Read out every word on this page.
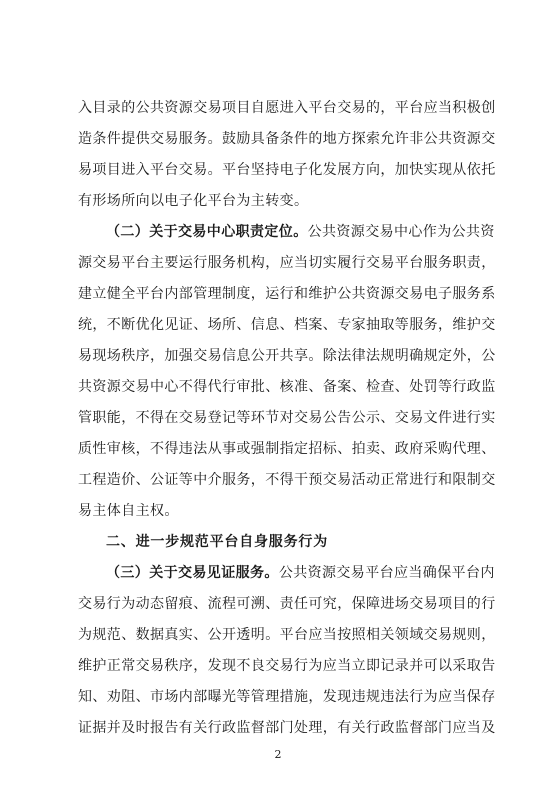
入目录的公共资源交易项目自愿进入平台交易的，平台应当积极创
造条件提供交易服务。鼓励具备条件的地方探索允许非公共资源交
易项目进入平台交易。平台坚持电子化发展方向，加快实现从依托
有形场所向以电子化平台为主转变。
（二）关于交易中心职责定位。公共资源交易中心作为公共资
源交易平台主要运行服务机构，应当切实履行交易平台服务职责，
建立健全平台内部管理制度，运行和维护公共资源交易电子服务系
统，不断优化见证、场所、信息、档案、专家抽取等服务，维护交
易现场秩序，加强交易信息公开共享。除法律法规明确规定外，公
共资源交易中心不得代行审批、核准、备案、检查、处罚等行政监
管职能，不得在交易登记等环节对交易公告公示、交易文件进行实
质性审核，不得违法从事或强制指定招标、拍卖、政府采购代理、
工程造价、公证等中介服务，不得干预交易活动正常进行和限制交
易主体自主权。
二、进一步规范平台自身服务行为
（三）关于交易见证服务。公共资源交易平台应当确保平台内
交易行为动态留痕、流程可溯、责任可究，保障进场交易项目的行
为规范、数据真实、公开透明。平台应当按照相关领域交易规则，
维护正常交易秩序，发现不良交易行为应当立即记录并可以采取告
知、劝阻、市场内部曝光等管理措施，发现违规违法行为应当保存
证据并及时报告有关行政监督部门处理，有关行政监督部门应当及
2
